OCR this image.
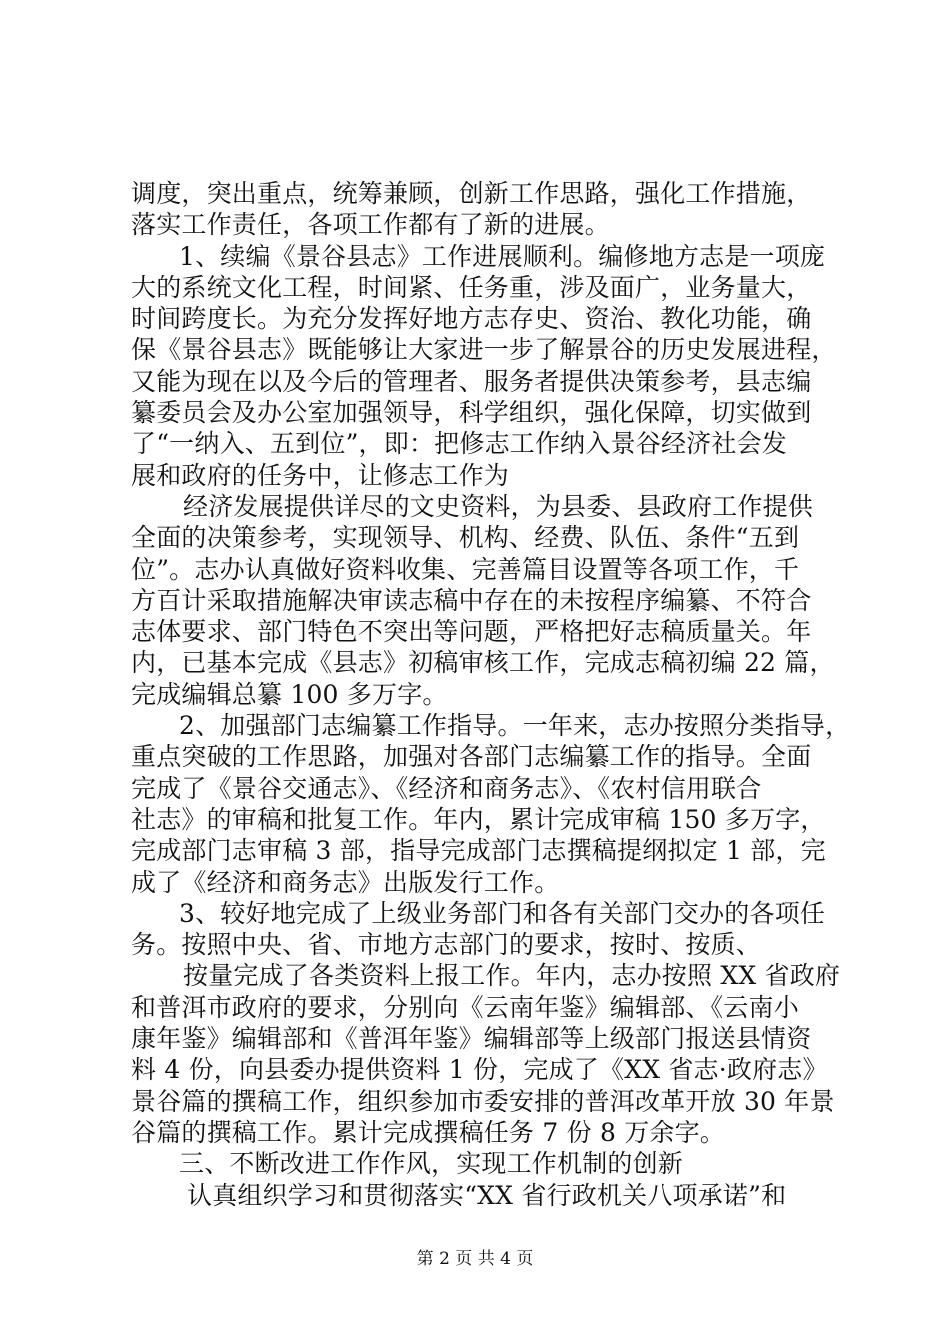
调度，突出重点，统筹兼顾，创新工作思路，强化工作措施，
落实工作责任，各项工作都有了新的进展。
1、续编《景谷县志》工作进展顺利。编修地方志是一项庞
大的系统文化工程，时间紧、任务重，涉及面广，业务量大，
时间跨度长。为充分发挥好地方志存史、资治、教化功能，确
保《景谷县志》既能够让大家进一步了解景谷的历史发展进程，
又能为现在以及今后的管理者、服务者提供决策参考，县志编
纂委员会及办公室加强领导，科学组织，强化保障，切实做到
了“一纳入、五到位”，即：把修志工作纳入景谷经济社会发
展和政府的任务中，让修志工作为
经济发展提供详尽的文史资料，为县委、县政府工作提供
全面的决策参考，实现领导、机构、经费、队伍、条件“五到
位”。志办认真做好资料收集、完善篇目设置等各项工作，千
方百计采取措施解决审读志稿中存在的未按程序编纂、不符合
志体要求、部门特色不突出等问题，严格把好志稿质量关。年
内，已基本完成《县志》初稿审核工作，完成志稿初编 22 篇，
完成编辑总纂 100 多万字。
2、加强部门志编纂工作指导。一年来，志办按照分类指导，
重点突破的工作思路，加强对各部门志编纂工作的指导。全面
完成了《景谷交通志》、《经济和商务志》、《农村信用联合
社志》的审稿和批复工作。年内，累计完成审稿 150 多万字，
完成部门志审稿 3 部，指导完成部门志撰稿提纲拟定 1 部，完
成了《经济和商务志》出版发行工作。
3、较好地完成了上级业务部门和各有关部门交办的各项任
务。按照中央、省、市地方志部门的要求，按时、按质、
按量完成了各类资料上报工作。年内，志办按照 XX 省政府
和普洱市政府的要求，分别向《云南年鉴》编辑部、《云南小
康年鉴》编辑部和《普洱年鉴》编辑部等上级部门报送县情资
料 4 份，向县委办提供资料 1 份，完成了《XX 省志·政府志》
景谷篇的撰稿工作，组织参加市委安排的普洱改革开放 30 年景
谷篇的撰稿工作。累计完成撰稿任务 7 份 8 万余字。
三、不断改进工作作风，实现工作机制的创新
认真组织学习和贯彻落实“XX 省行政机关八项承诺”和
第 2 页 共 4 页
